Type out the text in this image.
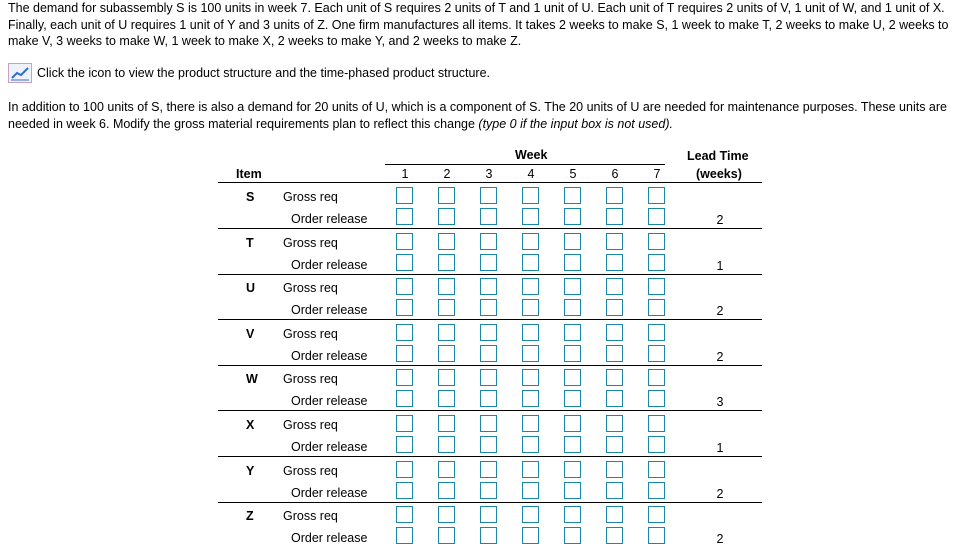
The demand for subassembly S is 100 units in week 7. Each unit of S requires 2 units of T and 1 unit of U. Each unit of T requires 2 units of V, 1 unit of W, and 1 unit of X. Finally, each unit of U requires 1 unit of Y and 3 units of Z. One firm manufactures all items. It takes 2 weeks to make S, 1 week to make T, 2 weeks to make U, 2 weeks to make V, 3 weeks to make W, 1 week to make X, 2 weeks to make Y, and 2 weeks to make Z.
Click the icon to view the product structure and the time-phased product structure.
In addition to 100 units of S, there is also a demand for 20 units of U, which is a component of S. The 20 units of U are needed for maintenance purposes. These units are needed in week 6. Modify the gross material requirements plan to reflect this change (type 0 if the input box is not used).
Week	Lead Time
(weeks)
Item	1	2	3	4	5	6	7
S Gross req
Order release	2
T Gross req
Order release	1
U Gross req
Order release	2
V Gross req
Order release	2
W Gross req
Order release	3
X Gross req
Order release	1
Y Gross req
Order release	2
Z Gross req
Order release	2
